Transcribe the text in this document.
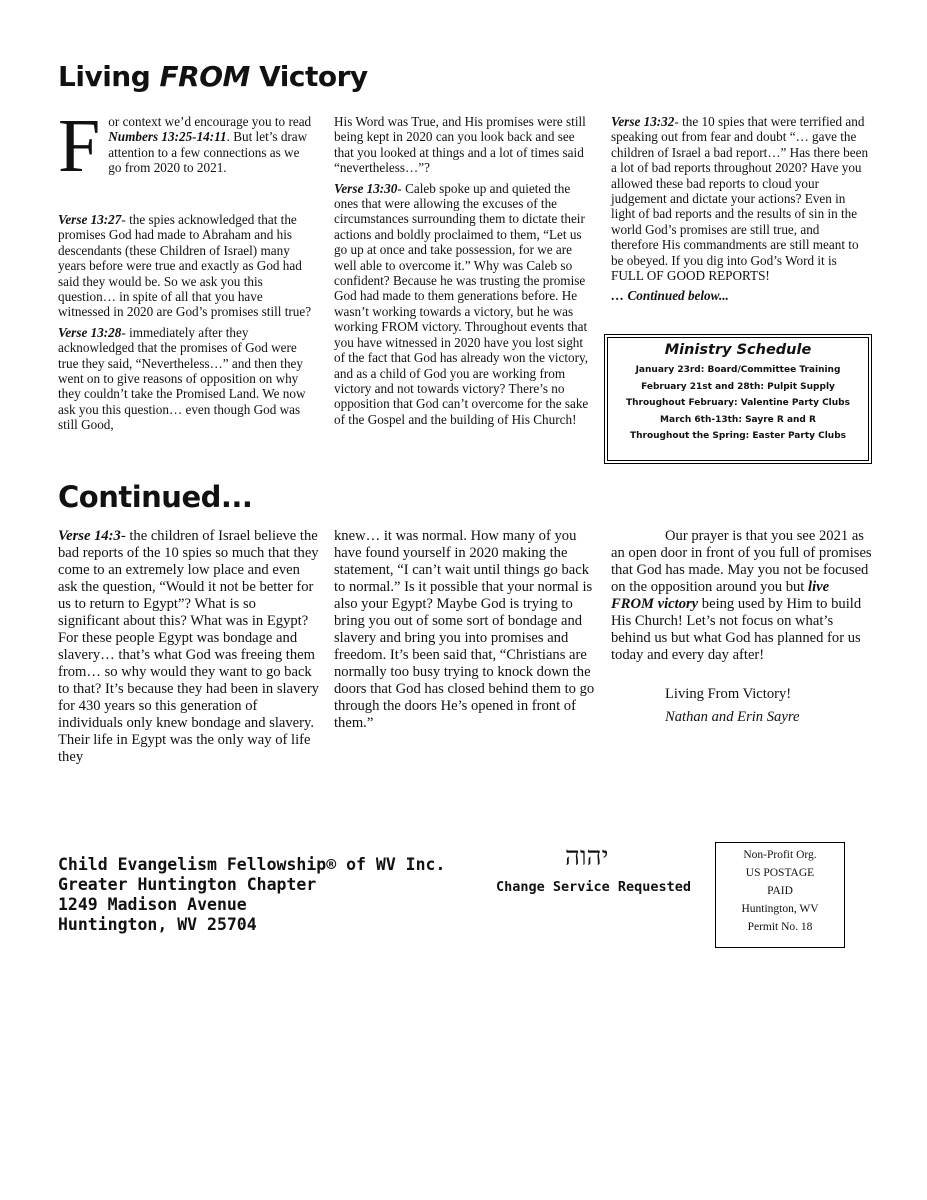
Living FROM Victory

For context we’d encourage you to read Numbers 13:25-14:11. But let’s draw attention to a few connections as we go from 2020 to 2021.

Verse 13:27- the spies acknowledged that the promises God had made to Abraham and his descendants (these Children of Israel) many years before were true and exactly as God had said they would be. So we ask you this question… in spite of all that you have witnessed in 2020 are God’s promises still true?

Verse 13:28- immediately after they acknowledged that the promises of God were true they said, “Nevertheless…” and then they went on to give reasons of opposition on why they couldn’t take the Promised Land. We now ask you this question… even though God was still Good,

His Word was True, and His promises were still being kept in 2020 can you look back and see that you looked at things and a lot of times said “nevertheless…”?

Verse 13:30- Caleb spoke up and quieted the ones that were allowing the excuses of the circumstances surrounding them to dictate their actions and boldly proclaimed to them, “Let us go up at once and take possession, for we are well able to overcome it.” Why was Caleb so confident? Because he was trusting the promise God had made to them generations before. He wasn’t working towards a victory, but he was working FROM victory. Throughout events that you have witnessed in 2020 have you lost sight of the fact that God has already won the victory, and as a child of God you are working from victory and not towards victory? There’s no opposition that God can’t overcome for the sake of the Gospel and the building of His Church!

Verse 13:32- the 10 spies that were terrified and speaking out from fear and doubt “… gave the children of Israel a bad report…” Has there been a lot of bad reports throughout 2020? Have you allowed these bad reports to cloud your judgement and dictate your actions? Even in light of bad reports and the results of sin in the world God’s promises are still true, and therefore His commandments are still meant to be obeyed. If you dig into God’s Word it is FULL OF GOOD REPORTS!

… Continued below...

Ministry Schedule
January 23rd: Board/Committee Training
February 21st and 28th: Pulpit Supply
Throughout February: Valentine Party Clubs
March 6th-13th: Sayre R and R
Throughout the Spring: Easter Party Clubs
Continued...

Verse 14:3- the children of Israel believe the bad reports of the 10 spies so much that they come to an extremely low place and even ask the question, “Would it not be better for us to return to Egypt”? What is so significant about this? What was in Egypt? For these people Egypt was bondage and slavery… that’s what God was freeing them from… so why would they want to go back to that? It’s because they had been in slavery for 430 years so this generation of individuals only knew bondage and slavery. Their life in Egypt was the only way of life they

knew… it was normal. How many of you have found yourself in 2020 making the statement, “I can’t wait until things go back to normal.” Is it possible that your normal is also your Egypt? Maybe God is trying to bring you out of some sort of bondage and slavery and bring you into promises and freedom. It’s been said that, “Christians are normally too busy trying to knock down the doors that God has closed behind them to go through the doors He’s opened in front of them.”

Our prayer is that you see 2021 as an open door in front of you full of promises that God has made. May you not be focused on the opposition around you but live FROM victory being used by Him to build His Church! Let’s not focus on what’s behind us but what God has planned for us today and every day after!

Living From Victory!

Nathan and Erin Sayre

Child Evangelism Fellowship® of WV Inc.
Greater Huntington Chapter
1249 Madison Avenue
Huntington, WV 25704
יהוה
Change Service Requested
Non-Profit Org.
US POSTAGE
PAID
Huntington, WV
Permit No. 18
